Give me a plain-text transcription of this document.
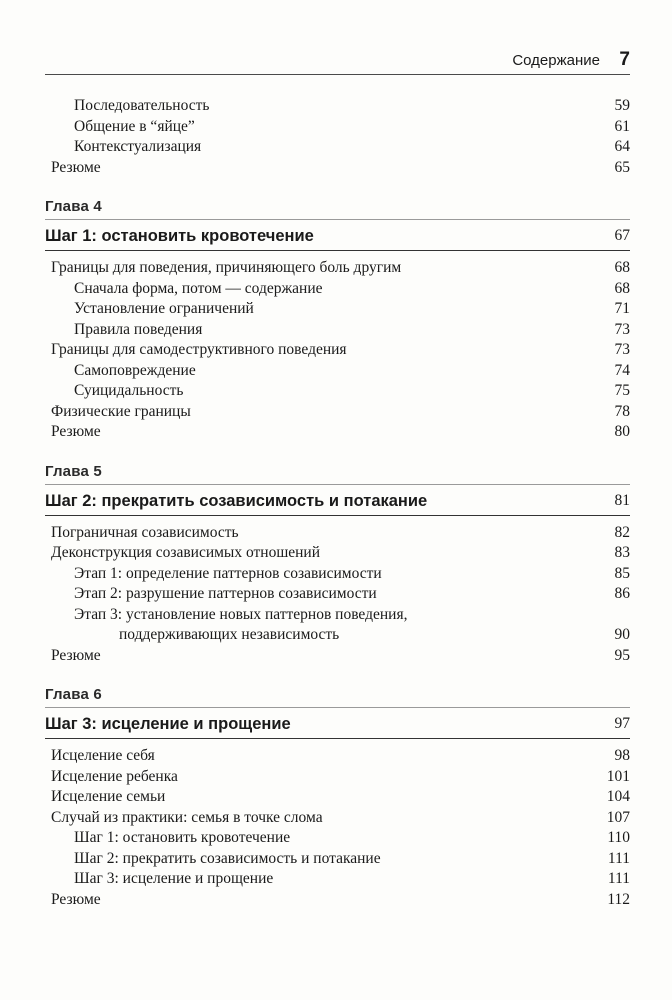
Содержание 7
Последовательность	59
Общение в “яйце”	61
Контекстуализация	64
Резюме	65
Глава 4
Шаг 1: остановить кровотечение	67
Границы для поведения, причиняющего боль другим	68
Сначала форма, потом — содержание	68
Установление ограничений	71
Правила поведения	73
Границы для самодеструктивного поведения	73
Самоповреждение	74
Суицидальность	75
Физические границы	78
Резюме	80
Глава 5
Шаг 2: прекратить созависимость и потакание	81
Пограничная созависимость	82
Деконструкция созависимых отношений	83
Этап 1: определение паттернов созависимости	85
Этап 2: разрушение паттернов созависимости	86
Этап 3: установление новых паттернов поведения,
поддерживающих независимость	90
Резюме	95
Глава 6
Шаг 3: исцеление и прощение	97
Исцеление себя	98
Исцеление ребенка	101
Исцеление семьи	104
Случай из практики: семья в точке слома	107
Шаг 1: остановить кровотечение	110
Шаг 2: прекратить созависимость и потакание	111
Шаг 3: исцеление и прощение	111
Резюме	112
